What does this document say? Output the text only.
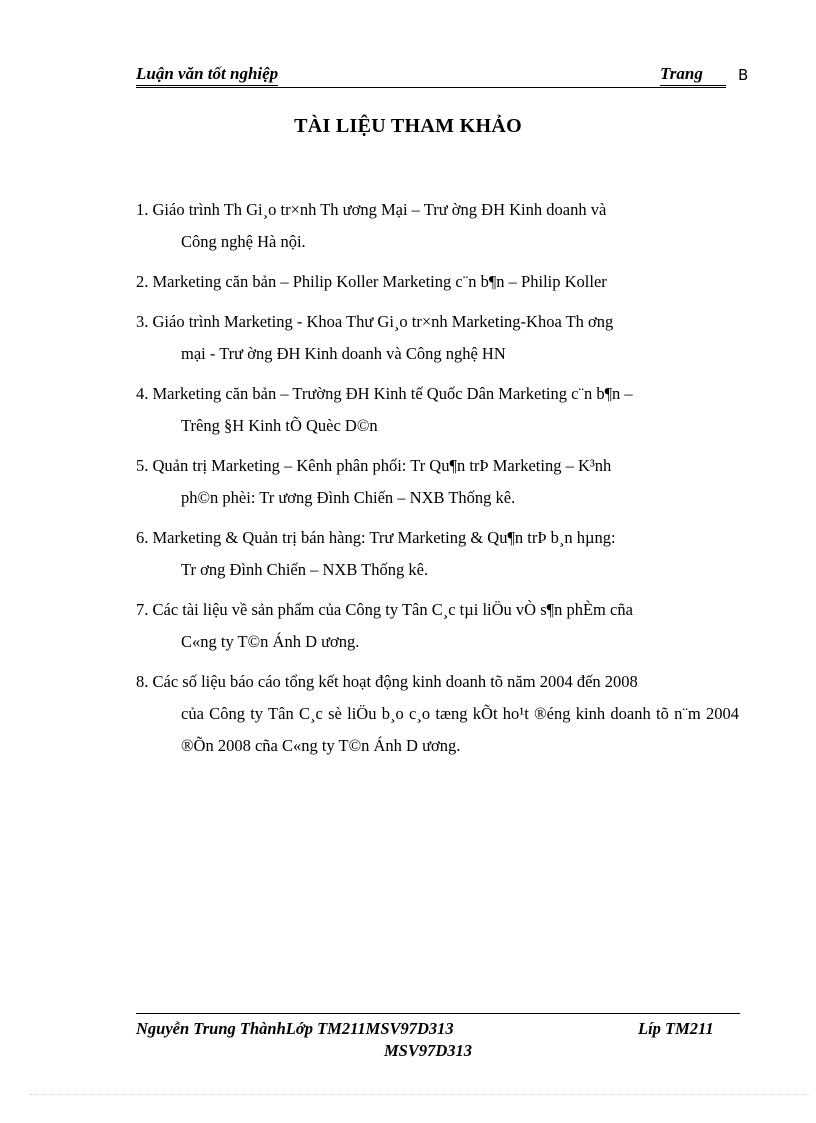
Luận văn tốt nghiệp	Trang	B
TÀI LIỆU THAM KHẢO
1. Giáo trình Th Gi¸o tr×nh Th ương Mại – Trư ờng ĐH Kinh doanh và
Công nghệ Hà nội.
2. Marketing căn bản – Philip Koller Marketing c¨n b¶n – Philip Koller
3. Giáo trình Marketing - Khoa Thư Gi¸o tr×nh Marketing-Khoa Th ơng
mại - Trư ờng ĐH Kinh doanh và Công nghệ HN
4. Marketing căn bản – Trường ĐH Kinh tế Quốc Dân Marketing c¨n b¶n –
Trêng §H Kinh tÕ Quèc D©n
5. Quản trị Marketing – Kênh phân phối: Tr Qu¶n trÞ Marketing – K³nh
ph©n phèi: Tr ương Đình Chiến – NXB Thống kê.
6. Marketing & Quản trị bán hàng: Trư Marketing & Qu¶n trÞ b¸n hµng:
Tr ơng Đình Chiến – NXB Thống kê.
7. Các tài liệu về sản phẩm của Công ty Tân C¸c tµi liÖu vÒ s¶n phÈm cña
C«ng ty T©n Ánh D ương.
8. Các số liệu báo cáo tổng kết hoạt động kinh doanh tõ năm 2004 đến 2008
của Công ty Tân C¸c sè liÖu b¸o c¸o tæng kÕt ho¹t ®éng kinh doanh tõ n¨m 2004 ®Õn 2008 cña C«ng ty T©n Ánh D ương.
Nguyễn Trung ThànhLớp TM211MSV97D313	Líp TM211
MSV97D313
